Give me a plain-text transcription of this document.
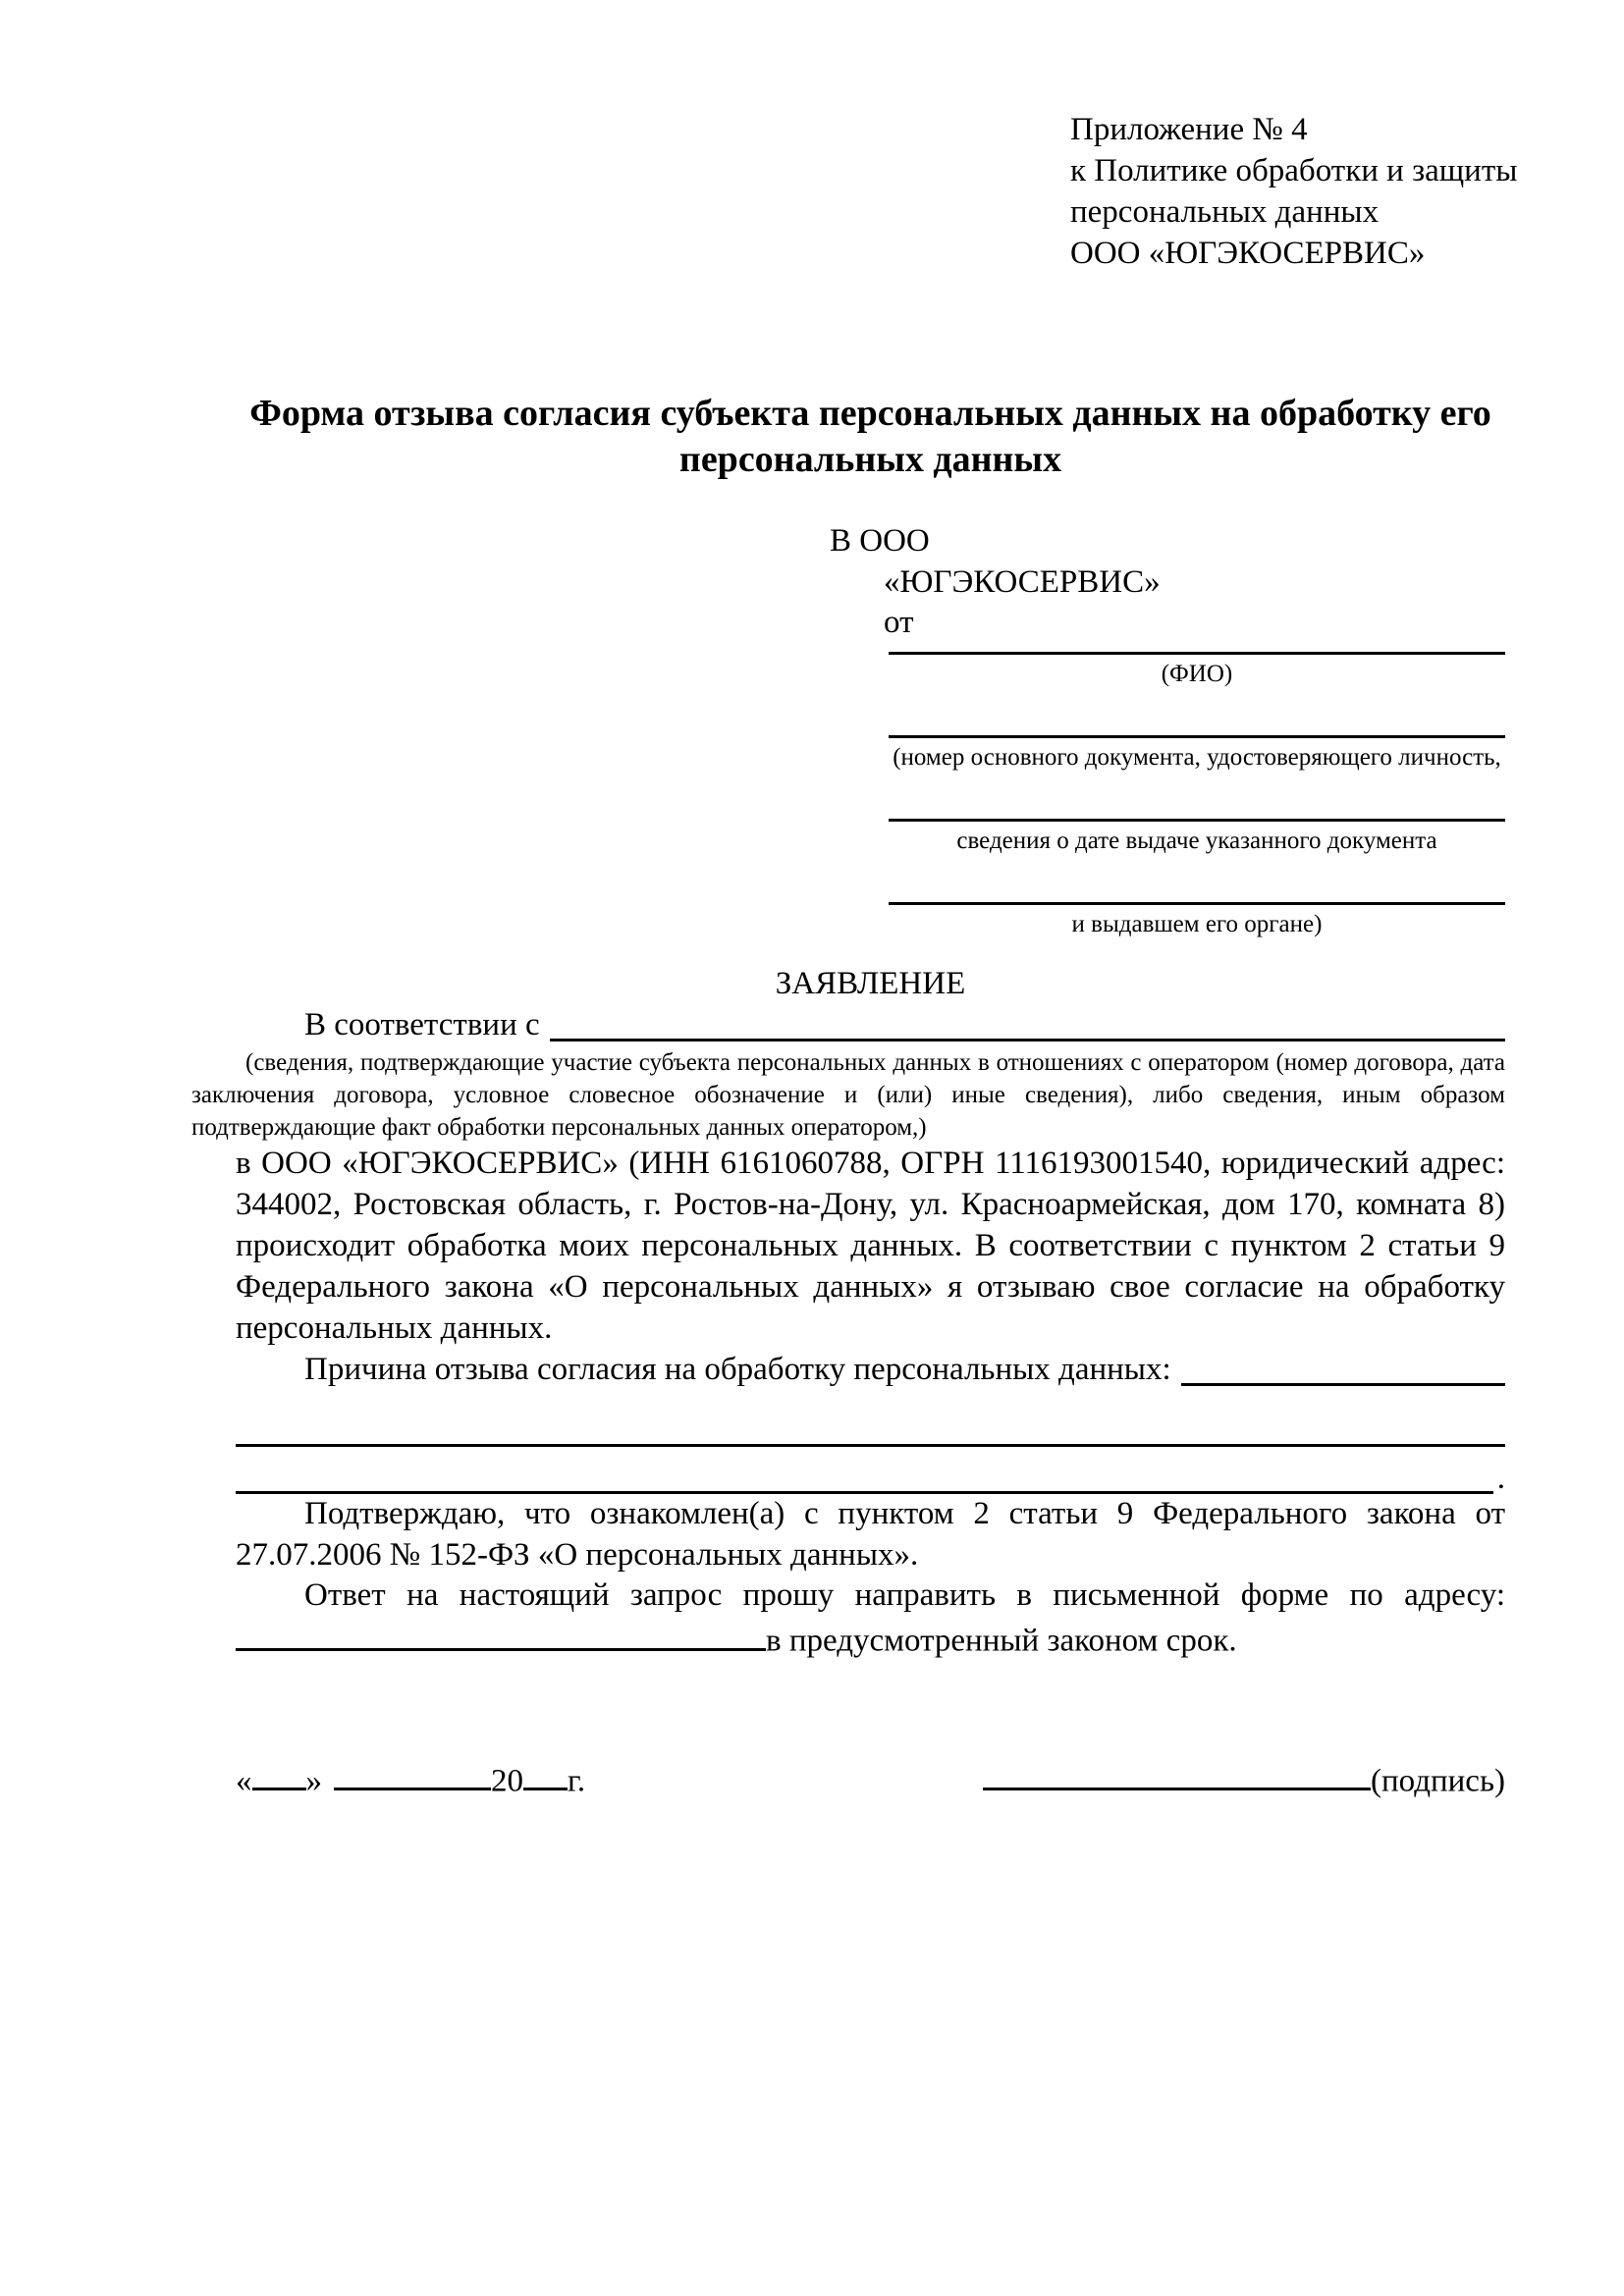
Приложение № 4
к Политике обработки и защиты
персональных данных
ООО «ЮГЭКОСЕРВИС»
Форма отзыва согласия субъекта персональных данных на обработку его персональных данных
В ООО
«ЮГЭКОСЕРВИС»
от
(ФИО)
(номер основного документа, удостоверяющего личность,
сведения о дате выдаче указанного документа
и выдавшем его органе)
ЗАЯВЛЕНИЕ
В соответствии с
(сведения, подтверждающие участие субъекта персональных данных в отношениях с оператором (номер договора, дата заключения договора, условное словесное обозначение и (или) иные сведения), либо сведения, иным образом подтверждающие факт обработки персональных данных оператором,)

в ООО «ЮГЭКОСЕРВИС» (ИНН 6161060788, ОГРН 1116193001540, юридический адрес: 344002, Ростовская область, г. Ростов-на-Дону, ул. Красноармейская, дом 170, комната 8) происходит обработка моих персональных данных. В соответствии с пунктом 2 статьи 9 Федерального закона «О персональных данных» я отзываю свое согласие на обработку персональных данных.

Причина отзыва согласия на обработку персональных данных:
.

Подтверждаю, что ознакомлен(а) с пунктом 2 статьи 9 Федерального закона от 27.07.2006 № 152-ФЗ «О персональных данных».

Ответ на настоящий запрос прошу направить в письменной форме по адресу: в предусмотренный законом срок.

« »	20 г.	(подпись)
